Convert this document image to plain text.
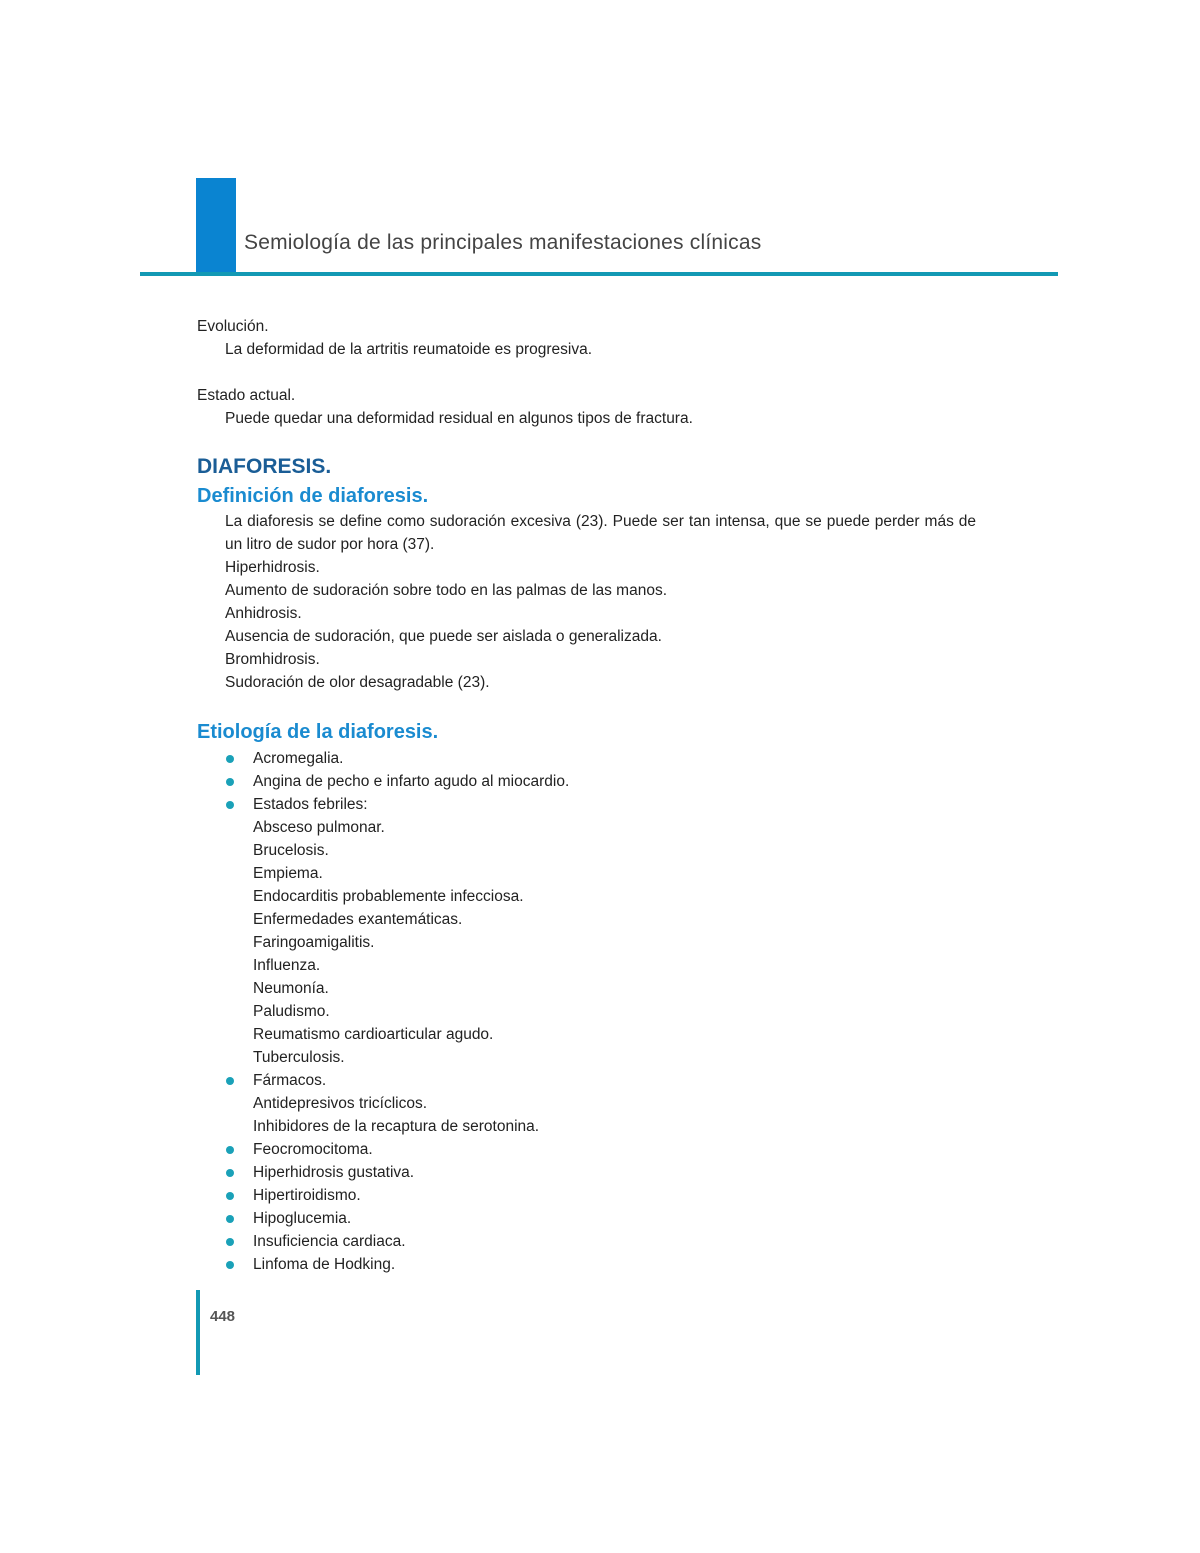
Semiología de las principales manifestaciones clínicas
Evolución.
La deformidad de la artritis reumatoide es progresiva.
Estado actual.
Puede quedar una deformidad residual en algunos tipos de fractura.
DIAFORESIS.
Definición de diaforesis.
La diaforesis se define como sudoración excesiva (23). Puede ser tan intensa, que se puede perder más de un litro de sudor por hora (37).
Hiperhidrosis.
Aumento de sudoración sobre todo en las palmas de las manos.
Anhidrosis.
Ausencia de sudoración, que puede ser aislada o generalizada.
Bromhidrosis.
Sudoración de olor desagradable (23).
Etiología de la diaforesis.
Acromegalia.
Angina de pecho e infarto agudo al miocardio.
Estados febriles:
Absceso pulmonar.
Brucelosis.
Empiema.
Endocarditis probablemente infecciosa.
Enfermedades exantemáticas.
Faringoamigalitis.
Influenza.
Neumonía.
Paludismo.
Reumatismo cardioarticular agudo.
Tuberculosis.
Fármacos.
Antidepresivos tricíclicos.
Inhibidores de la recaptura de serotonina.
Feocromocitoma.
Hiperhidrosis gustativa.
Hipertiroidismo.
Hipoglucemia.
Insuficiencia cardiaca.
Linfoma de Hodking.
448
